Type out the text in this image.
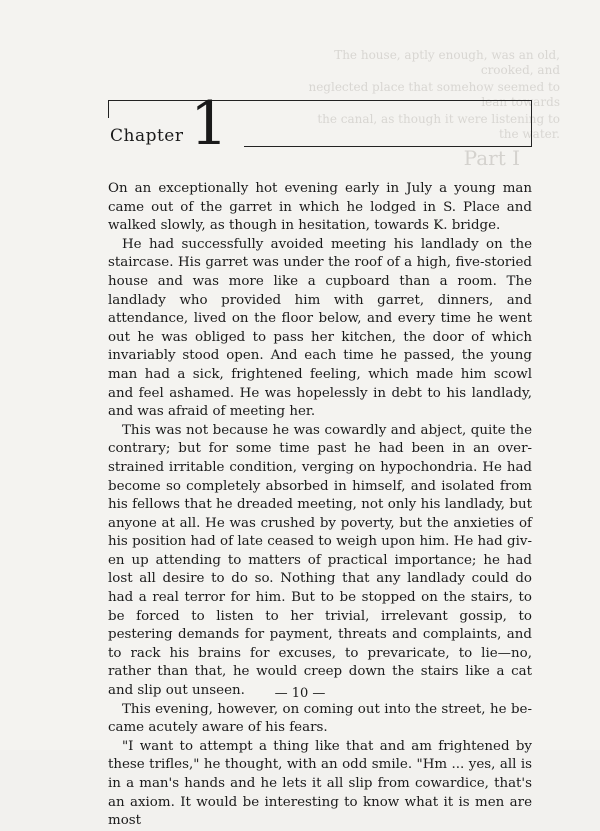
The house, aptly enough, was an old, crooked, and

neglected place that somehow seemed to lean towards

the canal, as though it were listening to the water.

Part I

Chapter 1

On an exceptionally hot evening early in July a young man came out of the garret in which he lodged in S. Place and walked slowly, as though in hesitation, towards K. bridge.

He had successfully avoided meeting his landlady on the staircase. His garret was under the roof of a high, five-storied house and was more like a cupboard than a room. The landlady who provided him with garret, dinners, and attendance, lived on the floor below, and every time he went out he was obliged to pass her kitchen, the door of which invariably stood open. And each time he passed, the young man had a sick, frightened feeling, which made him scowl and feel ashamed. He was hopelessly in debt to his landlady, and was afraid of meeting her.

This was not because he was cowardly and abject, quite the contrary; but for some time past he had been in an overstrained irritable condition, verging on hypochondria. He had become so completely absorbed in himself, and isolated from his fellows that he dreaded meeting, not only his landlady, but anyone at all. He was crushed by poverty, but the anxieties of his position had of late ceased to weigh upon him. He had given up attending to matters of practical importance; he had lost all desire to do so. Nothing that any landlady could do had a real terror for him. But to be stopped on the stairs, to be forced to listen to her trivial, irrelevant gossip, to pestering demands for payment, threats and complaints, and to rack his brains for excuses, to prevaricate, to lie—no, rather than that, he would creep down the stairs like a cat and slip out unseen.

This evening, however, on coming out into the street, he became acutely aware of his fears.

"I want to attempt a thing like that and am frightened by these trifles," he thought, with an odd smile. "Hm ... yes, all is in a man's hands and he lets it all slip from cowardice, that's an axiom. It would be interesting to know what it is men are most

— 10 —
